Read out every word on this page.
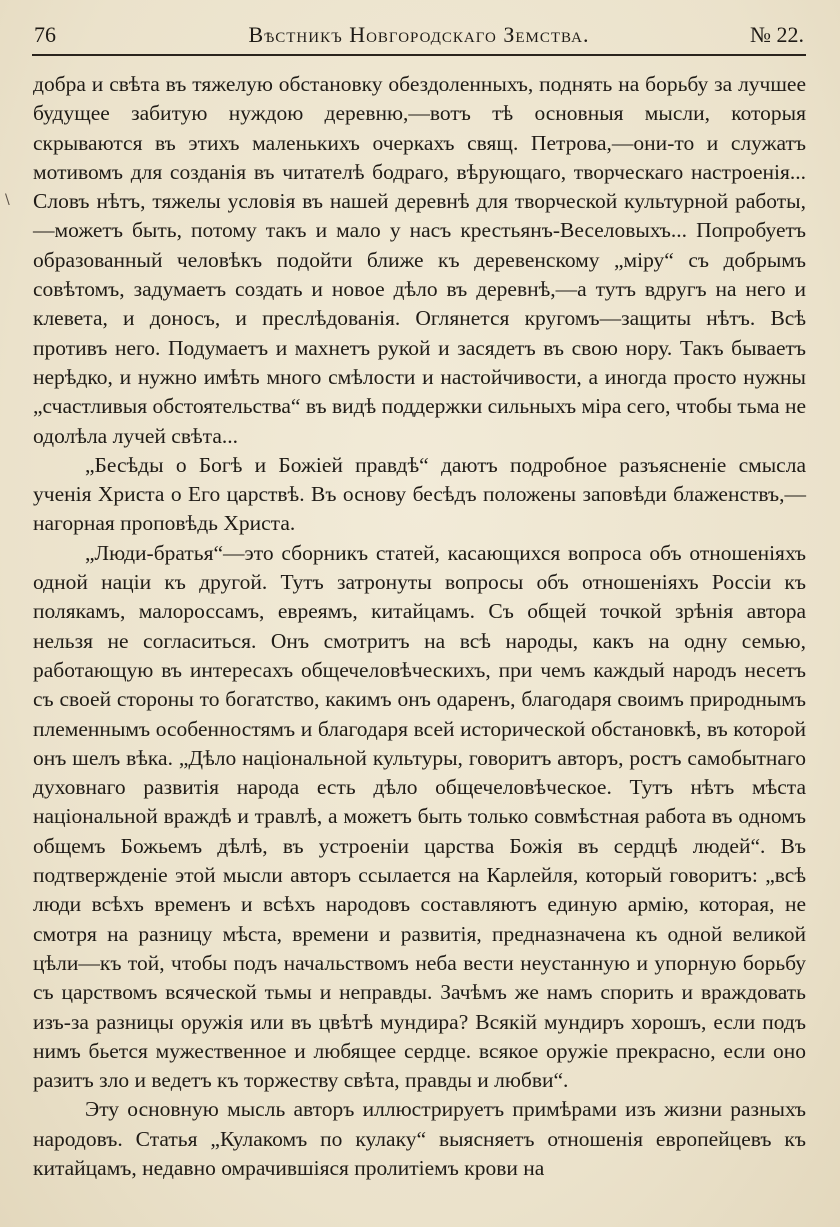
76	Вѣстникъ Новгородскаго Земства.	№ 22.
\

добра и свѣта въ тяжелую обстановку обездоленныхъ, поднять на борьбу за лучшее будущее забитую нуждою деревню,—вотъ тѣ основныя мысли, которыя скрываются въ этихъ маленькихъ очеркахъ свящ. Петрова,—они-то и служатъ мотивомъ для созданія въ читателѣ бодраго, вѣрующаго, творческаго настроенія... Словъ нѣтъ, тяжелы условія въ нашей деревнѣ для творческой культурной работы,—можетъ быть, потому такъ и мало у насъ крестьянъ-Веселовыхъ... Попробуетъ образованный человѣкъ подойти ближе къ деревенскому „міру“ съ добрымъ совѣтомъ, задумаетъ создать и новое дѣло въ деревнѣ,—а тутъ вдругъ на него и клевета, и доносъ, и преслѣдованія. Оглянется кругомъ—защиты нѣтъ. Всѣ противъ него. Подумаетъ и махнетъ рукой и засядетъ въ свою нору. Такъ бываетъ нерѣдко, и нужно имѣть много смѣлости и настойчивости, а иногда просто нужны „счастливыя обстоятельства“ въ видѣ поддержки сильныхъ міра сего, чтобы тьма не одолѣла лучей свѣта...

„Бесѣды о Богѣ и Божіей правдѣ“ даютъ подробное разъясненіе смысла ученія Христа о Его царствѣ. Въ основу бесѣдъ положены заповѣди блаженствъ,—нагорная проповѣдь Христа.

„Люди-братья“—это сборникъ статей, касающихся вопроса объ отношеніяхъ одной націи къ другой. Тутъ затронуты вопросы объ отношеніяхъ Россіи къ полякамъ, малороссамъ, евреямъ, китайцамъ. Съ общей точкой зрѣнія автора нельзя не согласиться. Онъ смотритъ на всѣ народы, какъ на одну семью, работающую въ интересахъ общечеловѣческихъ, при чемъ каждый народъ несетъ съ своей стороны то богатство, какимъ онъ одаренъ, благодаря своимъ природнымъ племеннымъ особенностямъ и благодаря всей исторической обстановкѣ, въ которой онъ шелъ вѣка. „Дѣло національной культуры, говоритъ авторъ, ростъ самобытнаго духовнаго развитія народа есть дѣло общечеловѣческое. Тутъ нѣтъ мѣста національной враждѣ и травлѣ, а можетъ быть только совмѣстная работа въ одномъ общемъ Божьемъ дѣлѣ, въ устроеніи царства Божія въ сердцѣ людей“. Въ подтвержденіе этой мысли авторъ ссылается на Карлейля, который говоритъ: „всѣ люди всѣхъ временъ и всѣхъ народовъ составляютъ единую армію, которая, не смотря на разницу мѣста, времени и развитія, предназначена къ одной великой цѣли—къ той, чтобы подъ начальствомъ неба вести неустанную и упорную борьбу съ царствомъ всяческой тьмы и неправды. Зачѣмъ же намъ спорить и враждовать изъ-за разницы оружія или въ цвѣтѣ мундира? Всякій мундиръ хорошъ, если подъ нимъ бьется мужественное и любящее сердце. всякое оружіе прекрасно, если оно разитъ зло и ведетъ къ торжеству свѣта, правды и любви“.

Эту основную мысль авторъ иллюстрируетъ примѣрами изъ жизни разныхъ народовъ. Статья „Кулакомъ по кулаку“ выясняетъ отношенія европейцевъ къ китайцамъ, недавно омрачившіяся пролитіемъ крови на
